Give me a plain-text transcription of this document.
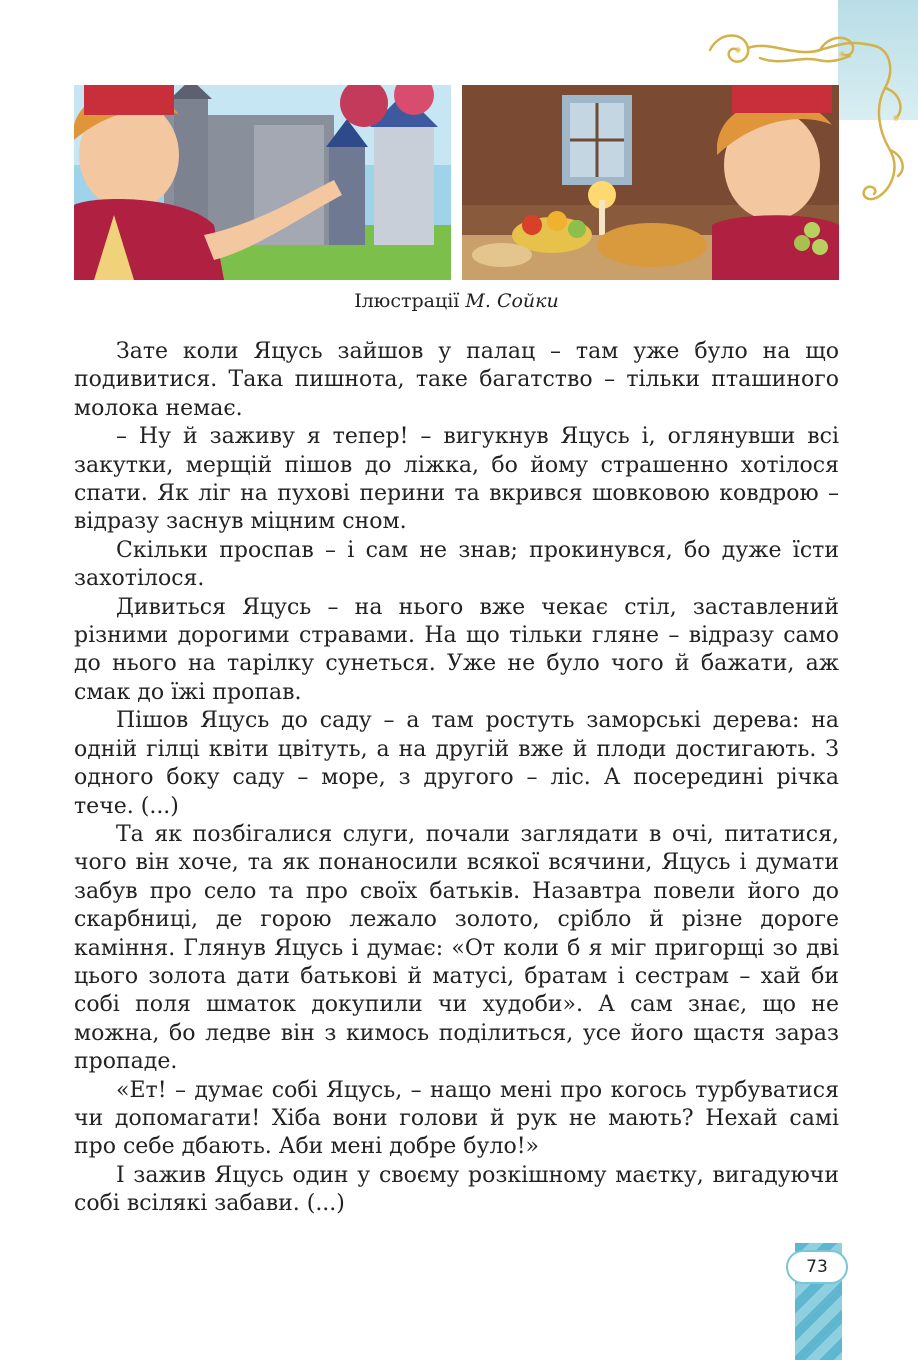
Ілюстрації М. Сойки

Зате коли Яцусь зайшов у палац – там уже було на що подивитися. Така пишнота, таке багатство – тільки пташиного молока немає.

– Ну й заживу я тепер! – вигукнув Яцусь і, оглянувши всі закутки, мерщій пішов до ліжка, бо йому страшенно хотілося спати. Як ліг на пухові перини та вкрився шовковою ковдрою – відразу заснув міцним сном.

Скільки проспав – і сам не знав; прокинувся, бо дуже їсти захотілося.

Дивиться Яцусь – на нього вже чекає стіл, заставлений різними дорогими стравами. На що тільки гляне – відразу само до нього на тарілку сунеться. Уже не було чого й бажати, аж смак до їжі пропав.

Пішов Яцусь до саду – а там ростуть заморські дерева: на одній гілці квіти цвітуть, а на другій вже й плоди достигають. З одного боку саду – море, з другого – ліс. А посередині річка тече. (...)

Та як позбігалися слуги, почали заглядати в очі, питатися, чого він хоче, та як понаносили всякої всячини, Яцусь і думати забув про село та про своїх батьків. Назавтра повели його до скарбниці, де горою лежало золото, срібло й різне дороге каміння. Глянув Яцусь і думає: «От коли б я міг пригорщі зо дві цього золота дати батькові й матусі, братам і сестрам – хай би собі поля шматок докупили чи худоби». А сам знає, що не можна, бо ледве він з кимось поділиться, усе його щастя зараз пропаде.

«Ет! – думає собі Яцусь, – нащо мені про когось турбуватися чи допомагати! Хіба вони голови й рук не мають? Нехай самі про себе дбають. Аби мені добре було!»

І зажив Яцусь один у своєму розкішному маєтку, вигадуючи собі всілякі забави. (...)

73
